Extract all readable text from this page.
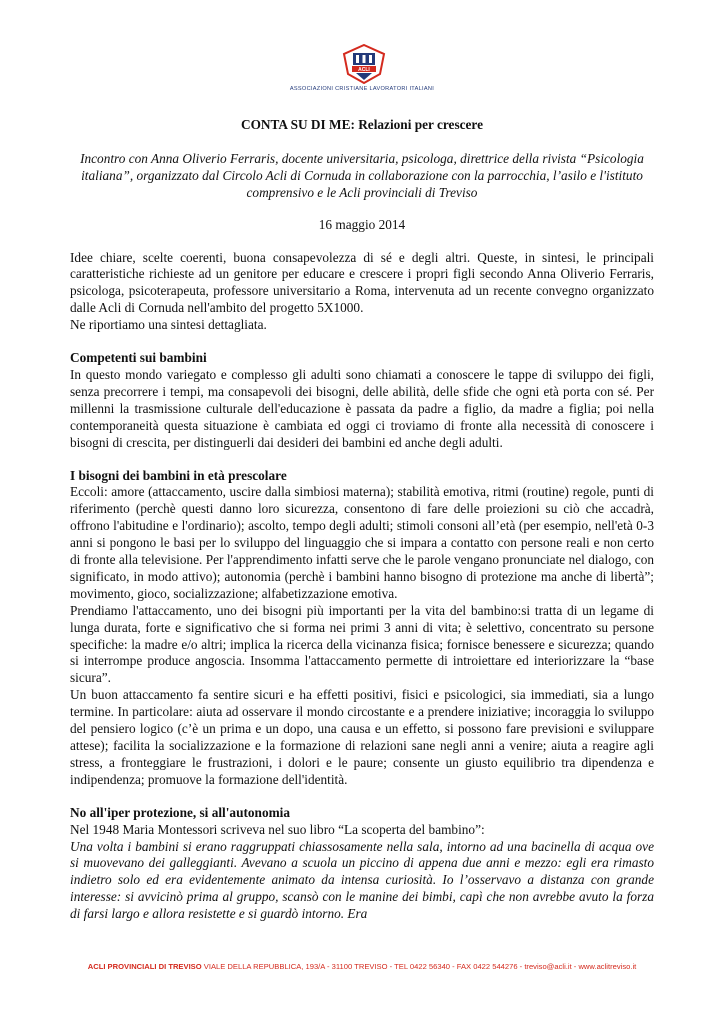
ACLI
ASSOCIAZIONI CRISTIANE LAVORATORI ITALIANI
CONTA SU DI ME: Relazioni per crescere
Incontro con Anna Oliverio Ferraris, docente universitaria, psicologa, direttrice della rivista “Psicologia italiana”, organizzato dal Circolo Acli di Cornuda in collaborazione con la parrocchia, l’asilo e l'istituto comprensivo e le Acli provinciali di Treviso
16 maggio 2014

Idee chiare, scelte coerenti, buona consapevolezza di sé e degli altri. Queste, in sintesi, le principali caratteristiche richieste ad un genitore per educare e crescere i propri figli secondo Anna Oliverio Ferraris, psicologa, psicoterapeuta, professore universitario a Roma, intervenuta ad un recente convegno organizzato dalle Acli di Cornuda nell'ambito del progetto 5X1000.

Ne riportiamo una sintesi dettagliata.

Competenti sui bambini

In questo mondo variegato e complesso gli adulti sono chiamati a conoscere le tappe di sviluppo dei figli, senza precorrere i tempi, ma consapevoli dei bisogni, delle abilità, delle sfide che ogni età porta con sé. Per millenni la trasmissione culturale dell'educazione è passata da padre a figlio, da madre a figlia; poi nella contemporaneità questa situazione è cambiata ed oggi ci troviamo di fronte alla necessità di conoscere i bisogni di crescita, per distinguerli dai desideri dei bambini ed anche degli adulti.

I bisogni dei bambini in età prescolare

Eccoli: amore (attaccamento, uscire dalla simbiosi materna); stabilità emotiva, ritmi (routine) regole, punti di riferimento (perchè questi danno loro sicurezza, consentono di fare delle proiezioni su ciò che accadrà, offrono l'abitudine e l'ordinario); ascolto, tempo degli adulti; stimoli consoni all’età (per esempio, nell'età 0-3 anni si pongono le basi per lo sviluppo del linguaggio che si impara a contatto con persone reali e non certo di fronte alla televisione. Per l'apprendimento infatti serve che le parole vengano pronunciate nel dialogo, con significato, in modo attivo); autonomia (perchè i bambini hanno bisogno di protezione ma anche di libertà”; movimento, gioco, socializzazione; alfabetizzazione emotiva.

Prendiamo l'attaccamento, uno dei bisogni più importanti per la vita del bambino:si tratta di un legame di lunga durata, forte e significativo che si forma nei primi 3 anni di vita; è selettivo, concentrato su persone specifiche: la madre e/o altri; implica la ricerca della vicinanza fisica; fornisce benessere e sicurezza; quando si interrompe produce angoscia. Insomma l'attaccamento permette di introiettare ed interiorizzare la “base sicura”.

Un buon attaccamento fa sentire sicuri e ha effetti positivi, fisici e psicologici, sia immediati, sia a lungo termine. In particolare: aiuta ad osservare il mondo circostante e a prendere iniziative; incoraggia lo sviluppo del pensiero logico (c’è un prima e un dopo, una causa e un effetto, si possono fare previsioni e sviluppare attese); facilita la socializzazione e la formazione di relazioni sane negli anni a venire; aiuta a reagire agli stress, a fronteggiare le frustrazioni, i dolori e le paure; consente un giusto equilibrio tra dipendenza e indipendenza; promuove la formazione dell'identità.

No all'iper protezione, si all'autonomia

Nel 1948 Maria Montessori scriveva nel suo libro “La scoperta del bambino”:

Una volta i bambini si erano raggruppati chiassosamente nella sala, intorno ad una bacinella di acqua ove si muovevano dei galleggianti. Avevano a scuola un piccino di appena due anni e mezzo: egli era rimasto indietro solo ed era evidentemente animato da intensa curiosità. Io l’osservavo a distanza con grande interesse: si avvicinò prima al gruppo, scansò con le manine dei bimbi, capì che non avrebbe avuto la forza di farsi largo e allora resistette e si guardò intorno. Era

ACLI PROVINCIALI DI TREVISO VIALE DELLA REPUBBLICA, 193/A - 31100 TREVISO - TEL 0422 56340 - FAX 0422 544276 - treviso@acli.it - www.aclitreviso.it
